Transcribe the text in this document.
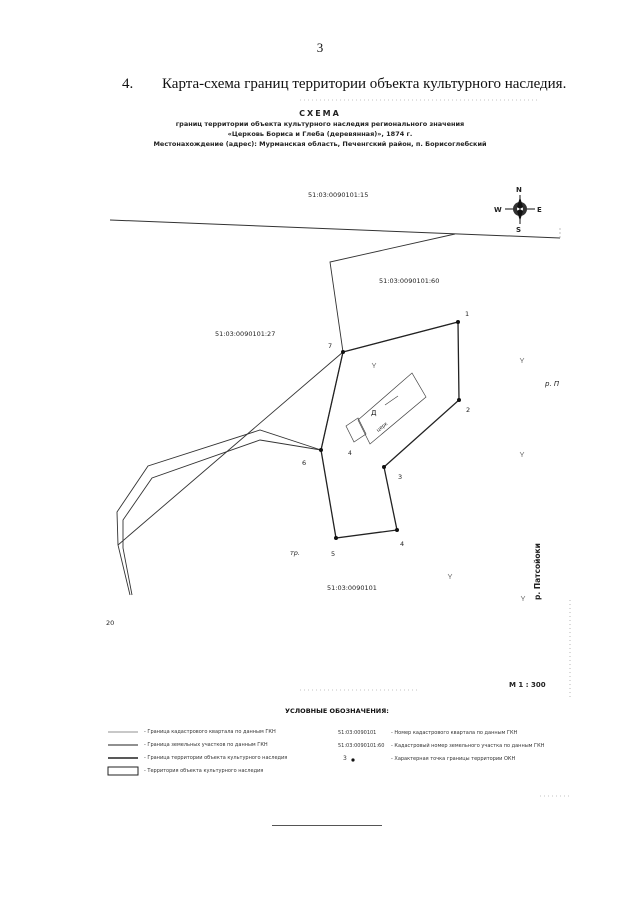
3
4. Карта-схема границ территории объекта культурного наследия.
СХЕМА
границ территории объекта культурного наследия регионального значения
«Церковь Бориса и Глеба (деревянная)», 1874 г.
Местонахождение (адрес): Мурманская область, Печенгский район, п. Борисоглебский
Д
церк
4
1
2
3
4
5
6
7
51:03:0090101:15
51:03:0090101:60
51:03:0090101:27
51:03:0090101
тр.
20
р. П
р. Патсойоки
N
S
E
W
М 1 : 300
УСЛОВНЫЕ ОБОЗНАЧЕНИЯ:
- Граница кадастрового квартала по данным ГКН
- Граница земельных участков по данным ГКН
- Граница территории объекта культурного наследия
- Территория объекта культурного наследия
51:03:0090101	- Номер кадастрового квартала по данным ГКН
51:03:0090101:60 - Кадастровый номер земельного участка по данным ГКН
3	- Характерная точка границы территории ОКН
